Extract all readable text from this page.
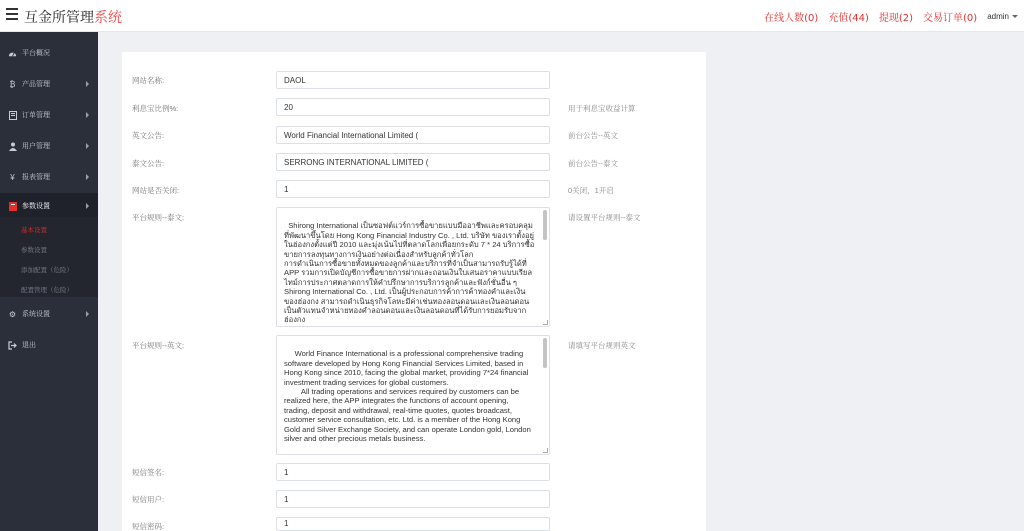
互金所管理系统	在线人数(0) 充值(44) 提现(2) 交易订单(0) admin
平台概况
₿ 产品管理
订单管理
用户管理
¥	报表管理
参数设置
基本设置
参数设置
添加配置（危险）
配置管理（危险）
⚙ 系统设置
退出
网站名称:
DAOL
利息宝比例%:
20	用于利息宝收益计算
英文公告:
World Financial International Limited (	前台公告--英文
泰文公告:
SERRONG INTERNATIONAL LIMITED (	前台公告--泰文
网站是否关闭:
1	0关闭，1开启
平台规则--泰文:

Shirong International เป็นซอฟต์แวร์การซื้อขายแบบมืออาชีพและครอบคลุมที่พัฒนาขึ้นโดย Hong Kong Financial Industry Co. , Ltd. บริษัท ของเราตั้งอยู่ในฮ่องกงตั้งแต่ปี 2010 และมุ่งเน้นไปที่ตลาดโลกเพื่อยกระดับ 7 * 24 บริการซื้อขายการลงทุนทางการเงินอย่างต่อเนื่องสำหรับลูกค้าทั่วโลก
การดำเนินการซื้อขายทั้งหมดของลูกค้าและบริการที่จำเป็นสามารถรับรู้ได้ที่ APP รวมการเปิดบัญชีการซื้อขายการฝากและถอนเงินใบเสนอราคาแบบเรียลไทม์การประกาศตลาดการให้คำปรึกษาการบริการลูกค้าและฟังก์ชั่นอื่น ๆ Shirong International Co. , Ltd. เป็นผู้ประกอบการค้าการค้าทองคำและเงินของฮ่องกง สามารถดำเนินธุรกิจโลหะมีค่าเช่นทองลอนดอนและเงินลอนดอนเป็นตัวแทนจำหน่ายทองคำลอนดอนและเงินลอนดอนที่ได้รับการยอมรับจากฮ่องกง

请设置平台规则--泰文
平台规则--英文:

World Finance International is a professional comprehensive trading software developed by Hong Kong Financial Services Limited, based in Hong Kong since 2010, facing the global market, providing 7*24 financial investment trading services for global customers.
All trading operations and services required by customers can be realized here, the APP integrates the functions of account opening, trading, deposit and withdrawal, real-time quotes, quotes broadcast, customer service consultation, etc. Ltd. is a member of the Hong Kong Gold and Silver Exchange Society, and can operate London gold, London silver and other precious metals business.

请填写平台规则英文
短信签名:
1
短信用户:
1
短信密码:
1
